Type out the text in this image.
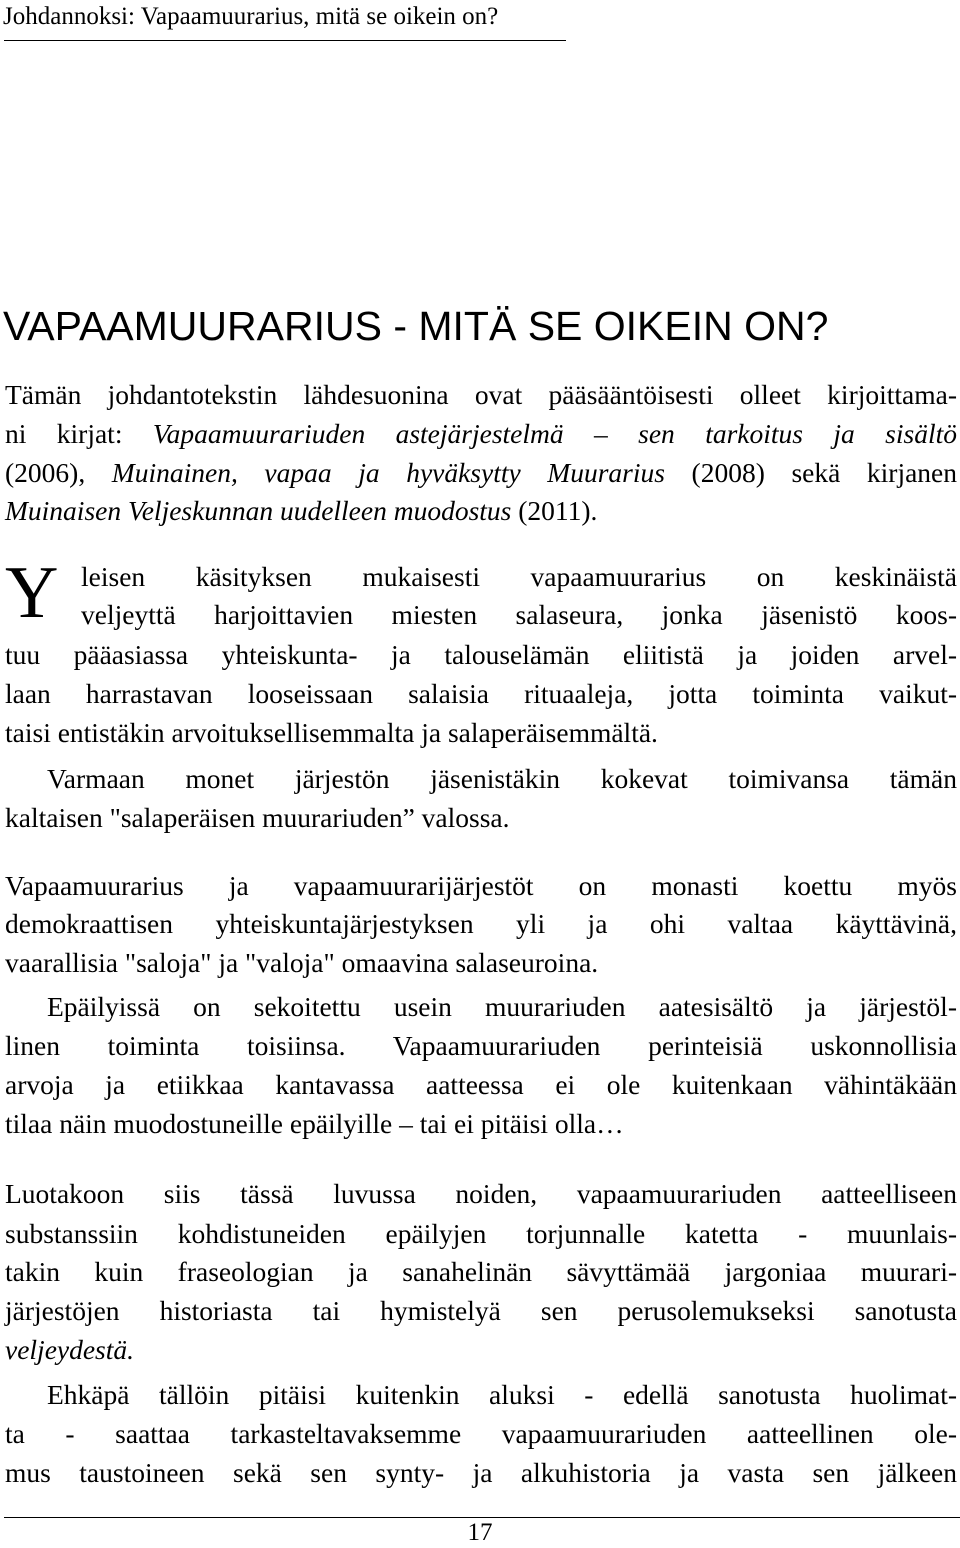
Johdannoksi: Vapaamuurarius, mitä se oikein on?
VAPAAMUURARIUS - MITÄ SE OIKEIN ON?
Tämän johdantotekstin lähdesuonina ovat pääsääntöisesti olleet kirjoittama-
ni kirjat: Vapaamuurariuden astejärjestelmä – sen tarkoitus ja sisältö
(2006), Muinainen, vapaa ja hyväksytty Muurarius (2008) sekä kirjanen
Muinaisen Veljeskunnan uudelleen muodostus (2011).
Y leisen käsityksen mukaisesti vapaamuurarius on keskinäistä
veljeyttä harjoittavien miesten salaseura, jonka jäsenistö koos-
tuu pääasiassa yhteiskunta- ja talouselämän eliitistä ja joiden arvel-
laan harrastavan looseissaan salaisia rituaaleja, jotta toiminta vaikut-
taisi entistäkin arvoituksellisemmalta ja salaperäisemmältä.
Varmaan monet järjestön jäsenistäkin kokevat toimivansa tämän
kaltaisen "salaperäisen muurariuden” valossa.
Vapaamuurarius ja vapaamuurarijärjestöt on monasti koettu myös
demokraattisen yhteiskuntajärjestyksen yli ja ohi valtaa käyttävinä,
vaarallisia "saloja" ja "valoja" omaavina salaseuroina.
Epäilyissä on sekoitettu usein muurariuden aatesisältö ja järjestöl-
linen toiminta toisiinsa. Vapaamuurariuden perinteisiä uskonnollisia
arvoja ja etiikkaa kantavassa aatteessa ei ole kuitenkaan vähintäkään
tilaa näin muodostuneille epäilyille – tai ei pitäisi olla…
Luotakoon siis tässä luvussa noiden, vapaamuurariuden aatteelliseen
substanssiin kohdistuneiden epäilyjen torjunnalle katetta - muunlais-
takin kuin fraseologian ja sanahelinän sävyttämää jargoniaa muurari-
järjestöjen historiasta tai hymistelyä sen perusolemukseksi sanotusta
veljeydestä.
Ehkäpä tällöin pitäisi kuitenkin aluksi - edellä sanotusta huolimat-
ta - saattaa tarkasteltavaksemme vapaamuurariuden aatteellinen ole-
mus taustoineen sekä sen synty- ja alkuhistoria ja vasta sen jälkeen
17
